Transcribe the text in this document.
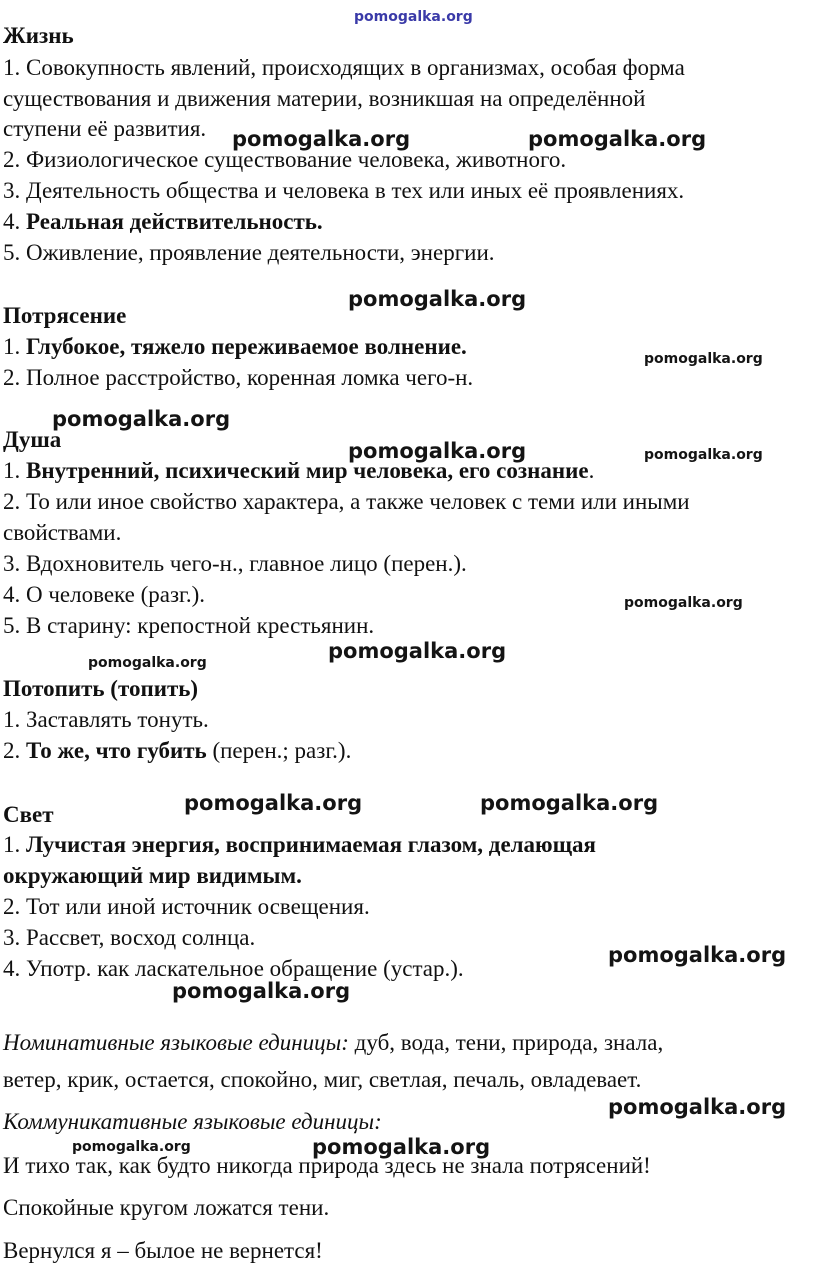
pomogalka.org
Жизнь
1. Совокупность явлений, происходящих в организмах, особая форма
существования и движения материи, возникшая на определённой
ступени её развития.
2. Физиологическое существование человека, животного.
3. Деятельность общества и человека в тех или иных её проявлениях.
4. Реальная действительность.
5. Оживление, проявление деятельности, энергии.
Потрясение
1. Глубокое, тяжело переживаемое волнение.
2. Полное расстройство, коренная ломка чего-н.
Душа
1. Внутренний, психический мир человека, его сознание.
2. То или иное свойство характера, а также человек с теми или иными
свойствами.
3. Вдохновитель чего-н., главное лицо (перен.).
4. О человеке (разг.).
5. В старину: крепостной крестьянин.
Потопить (топить)
1. Заставлять тонуть.
2. То же, что губить (перен.; разг.).
Свет
1. Лучистая энергия, воспринимаемая глазом, делающая
окружающий мир видимым.
2. Тот или иной источник освещения.
3. Рассвет, восход солнца.
4. Употр. как ласкательное обращение (устар.).
Номинативные языковые единицы: дуб, вода, тени, природа, знала,
ветер, крик, остается, спокойно, миг, светлая, печаль, овладевает.
Коммуникативные языковые единицы:
И тихо так, как будто никогда природа здесь не знала потрясений!
Спокойные кругом ложатся тени.
Вернулся я – былое не вернется!
pomogalka.org	pomogalka.org
pomogalka.org
pomogalka.org
pomogalka.org
pomogalka.org	pomogalka.org
pomogalka.org
pomogalka.org
pomogalka.org
pomogalka.org	pomogalka.org
pomogalka.org
pomogalka.org
pomogalka.org
pomogalka.org	pomogalka.org
